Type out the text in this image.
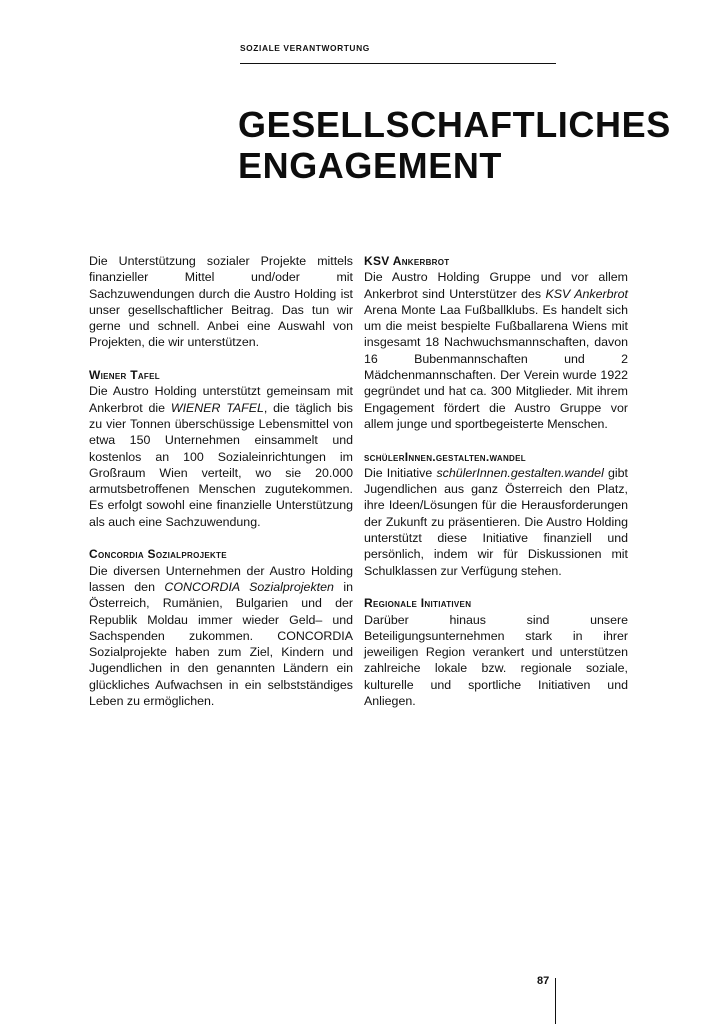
SOZIALE VERANTWORTUNG
GESELLSCHAFTLICHES
ENGAGEMENT

Die Unterstützung sozialer Projekte mittels finanzieller Mittel und/oder mit Sachzuwendungen durch die Austro Holding ist unser gesellschaftlicher Beitrag. Das tun wir gerne und schnell. Anbei eine Auswahl von Projekten, die wir unterstützen.

Wiener Tafel

Die Austro Holding unterstützt gemeinsam mit Ankerbrot die WIENER TAFEL, die täglich bis zu vier Tonnen überschüssige Lebensmittel von etwa 150 Unternehmen einsammelt und kostenlos an 100 Sozialeinrichtungen im Großraum Wien verteilt, wo sie 20.000 armutsbetroffenen Menschen zugutekommen. Es erfolgt sowohl eine finanzielle Unterstützung als auch eine Sachzuwendung.

Concordia Sozialprojekte

Die diversen Unternehmen der Austro Holding lassen den CONCORDIA Sozialprojekten in Österreich, Rumänien, Bulgarien und der Republik Moldau immer wieder Geld– und Sachspenden zukommen. CONCORDIA Sozialprojekte haben zum Ziel, Kindern und Jugendlichen in den genannten Ländern ein glückliches Aufwachsen in ein selbstständiges Leben zu ermöglichen.

KSV Ankerbrot

Die Austro Holding Gruppe und vor allem Ankerbrot sind Unterstützer des KSV Ankerbrot Arena Monte Laa Fußballklubs. Es handelt sich um die meist bespielte Fußballarena Wiens mit insgesamt 18 Nachwuchsmannschaften, davon 16 Bubenmannschaften und 2 Mädchenmannschaften. Der Verein wurde 1922 gegründet und hat ca. 300 Mitglieder. Mit ihrem Engagement fördert die Austro Gruppe vor allem junge und sportbegeisterte Menschen.

schülerInnen.gestalten.wandel

Die Initiative schülerInnen.gestalten.wandel gibt Jugendlichen aus ganz Österreich den Platz, ihre Ideen/Lösungen für die Herausforderungen der Zukunft zu präsentieren. Die Austro Holding unterstützt diese Initiative finanziell und persönlich, indem wir für Diskussionen mit Schulklassen zur Verfügung stehen.

Regionale Initiativen

Darüber hinaus sind unsere Beteiligungsunternehmen stark in ihrer jeweiligen Region verankert und unterstützen zahlreiche lokale bzw. regionale soziale, kulturelle und sportliche Initiativen und Anliegen.

87
